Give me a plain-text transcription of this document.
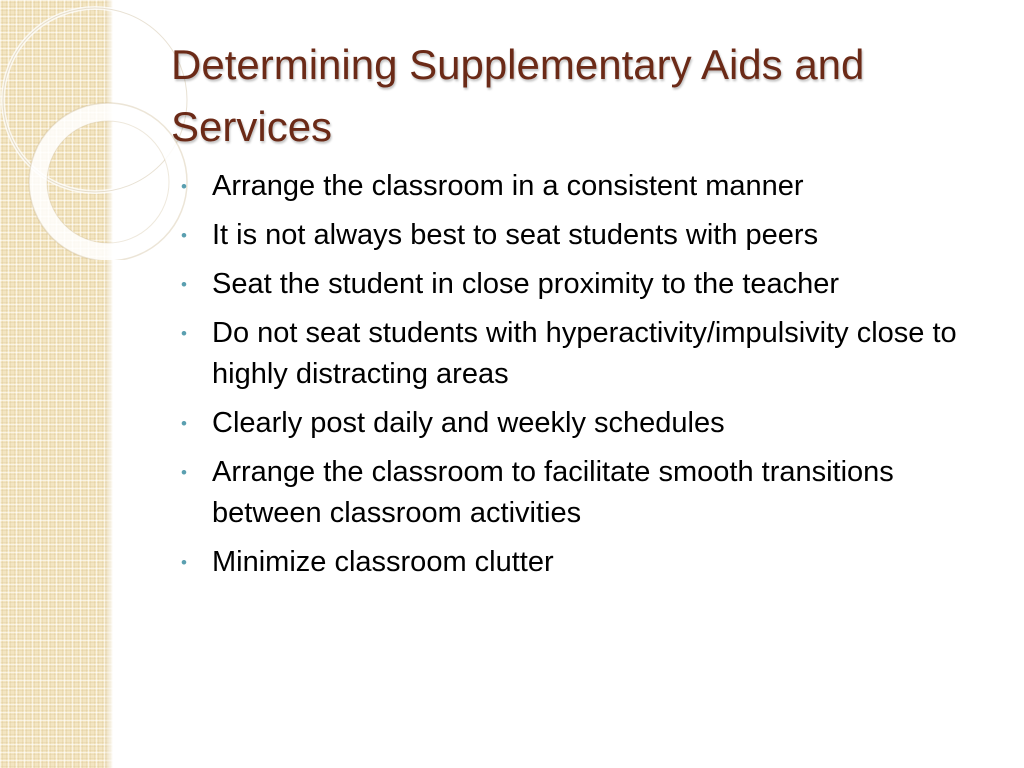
Determining Supplementary Aids and Services
• Arrange the classroom in a consistent manner
• It is not always best to seat students with peers
• Seat the student in close proximity to the teacher
• Do not seat students with hyperactivity/impulsivity close to highly distracting areas
• Clearly post daily and weekly schedules
• Arrange the classroom to facilitate smooth transitions between classroom activities
• Minimize classroom clutter
